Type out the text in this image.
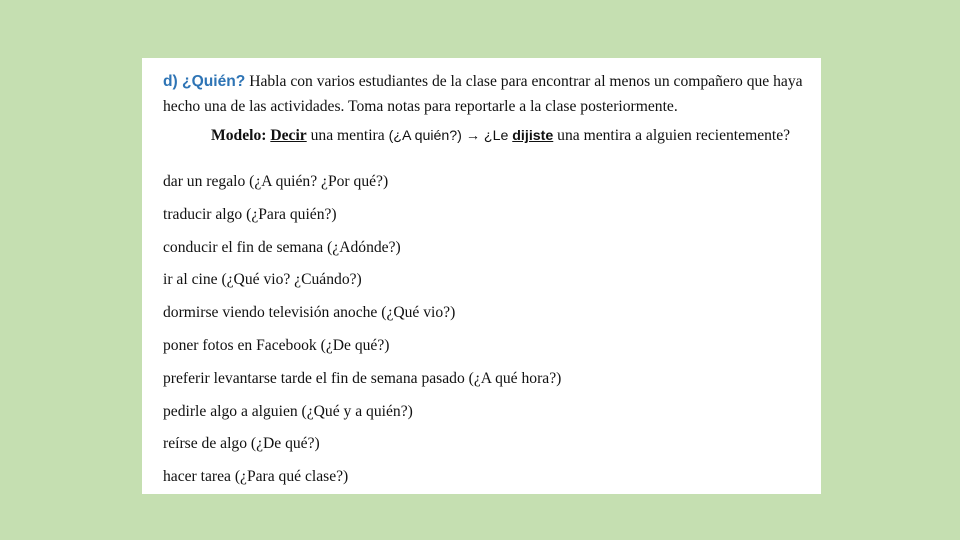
d) ¿Quién? Habla con varios estudiantes de la clase para encontrar al menos un compañero que haya hecho una de las actividades. Toma notas para reportarle a la clase posteriormente.
Modelo: Decir una mentira (¿A quién?) → ¿Le dijiste una mentira a alguien recientemente?
dar un regalo (¿A quién? ¿Por qué?)
traducir algo (¿Para quién?)
conducir el fin de semana (¿Adónde?)
ir al cine (¿Qué vio? ¿Cuándo?)
dormirse viendo televisión anoche (¿Qué vio?)
poner fotos en Facebook (¿De qué?)
preferir levantarse tarde el fin de semana pasado (¿A qué hora?)
pedirle algo a alguien (¿Qué y a quién?)
reírse de algo (¿De qué?)
hacer tarea (¿Para qué clase?)
